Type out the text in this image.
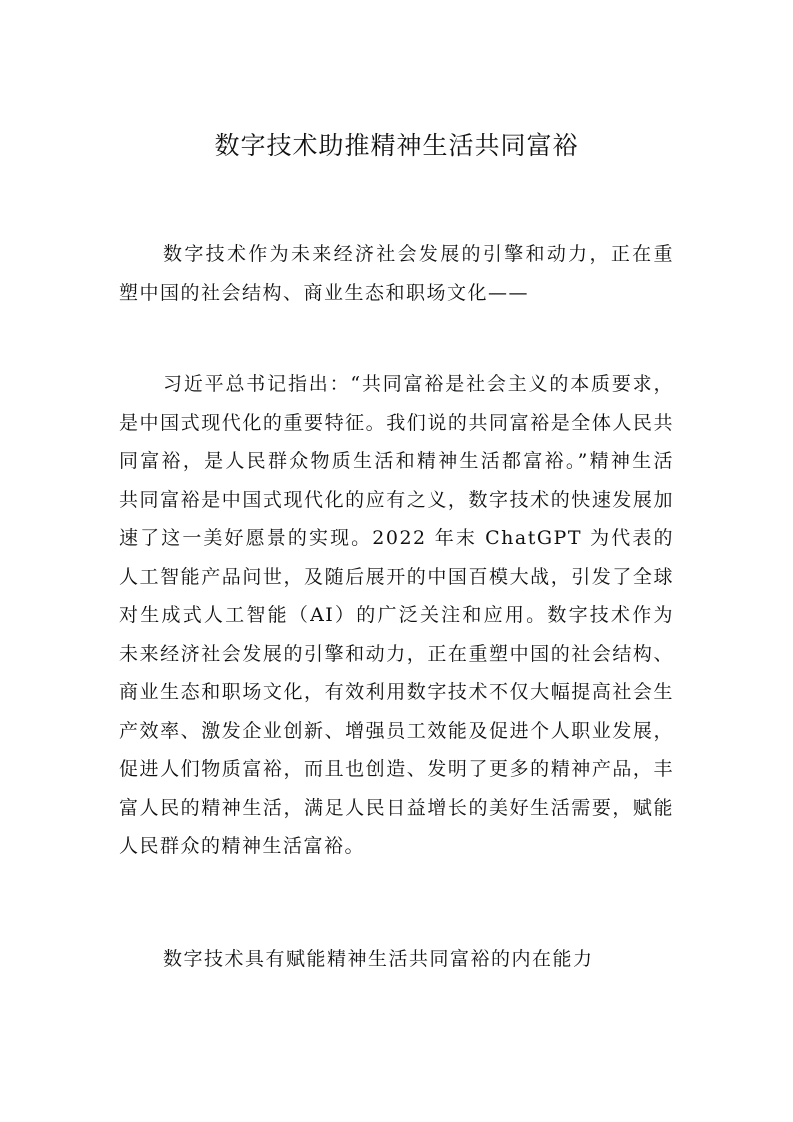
数字技术助推精神生活共同富裕

数字技术作为未来经济社会发展的引擎和动力，正在重塑中国的社会结构、商业生态和职场文化——

习近平总书记指出：“共同富裕是社会主义的本质要求，是中国式现代化的重要特征。我们说的共同富裕是全体人民共同富裕，是人民群众物质生活和精神生活都富裕。”精神生活共同富裕是中国式现代化的应有之义，数字技术的快速发展加速了这一美好愿景的实现。2022 年末 ChatGPT 为代表的人工智能产品问世，及随后展开的中国百模大战，引发了全球对生成式人工智能（AI）的广泛关注和应用。数字技术作为未来经济社会发展的引擎和动力，正在重塑中国的社会结构、商业生态和职场文化，有效利用数字技术不仅大幅提高社会生产效率、激发企业创新、增强员工效能及促进个人职业发展，促进人们物质富裕，而且也创造、发明了更多的精神产品，丰富人民的精神生活，满足人民日益增长的美好生活需要，赋能人民群众的精神生活富裕。

数字技术具有赋能精神生活共同富裕的内在能力
